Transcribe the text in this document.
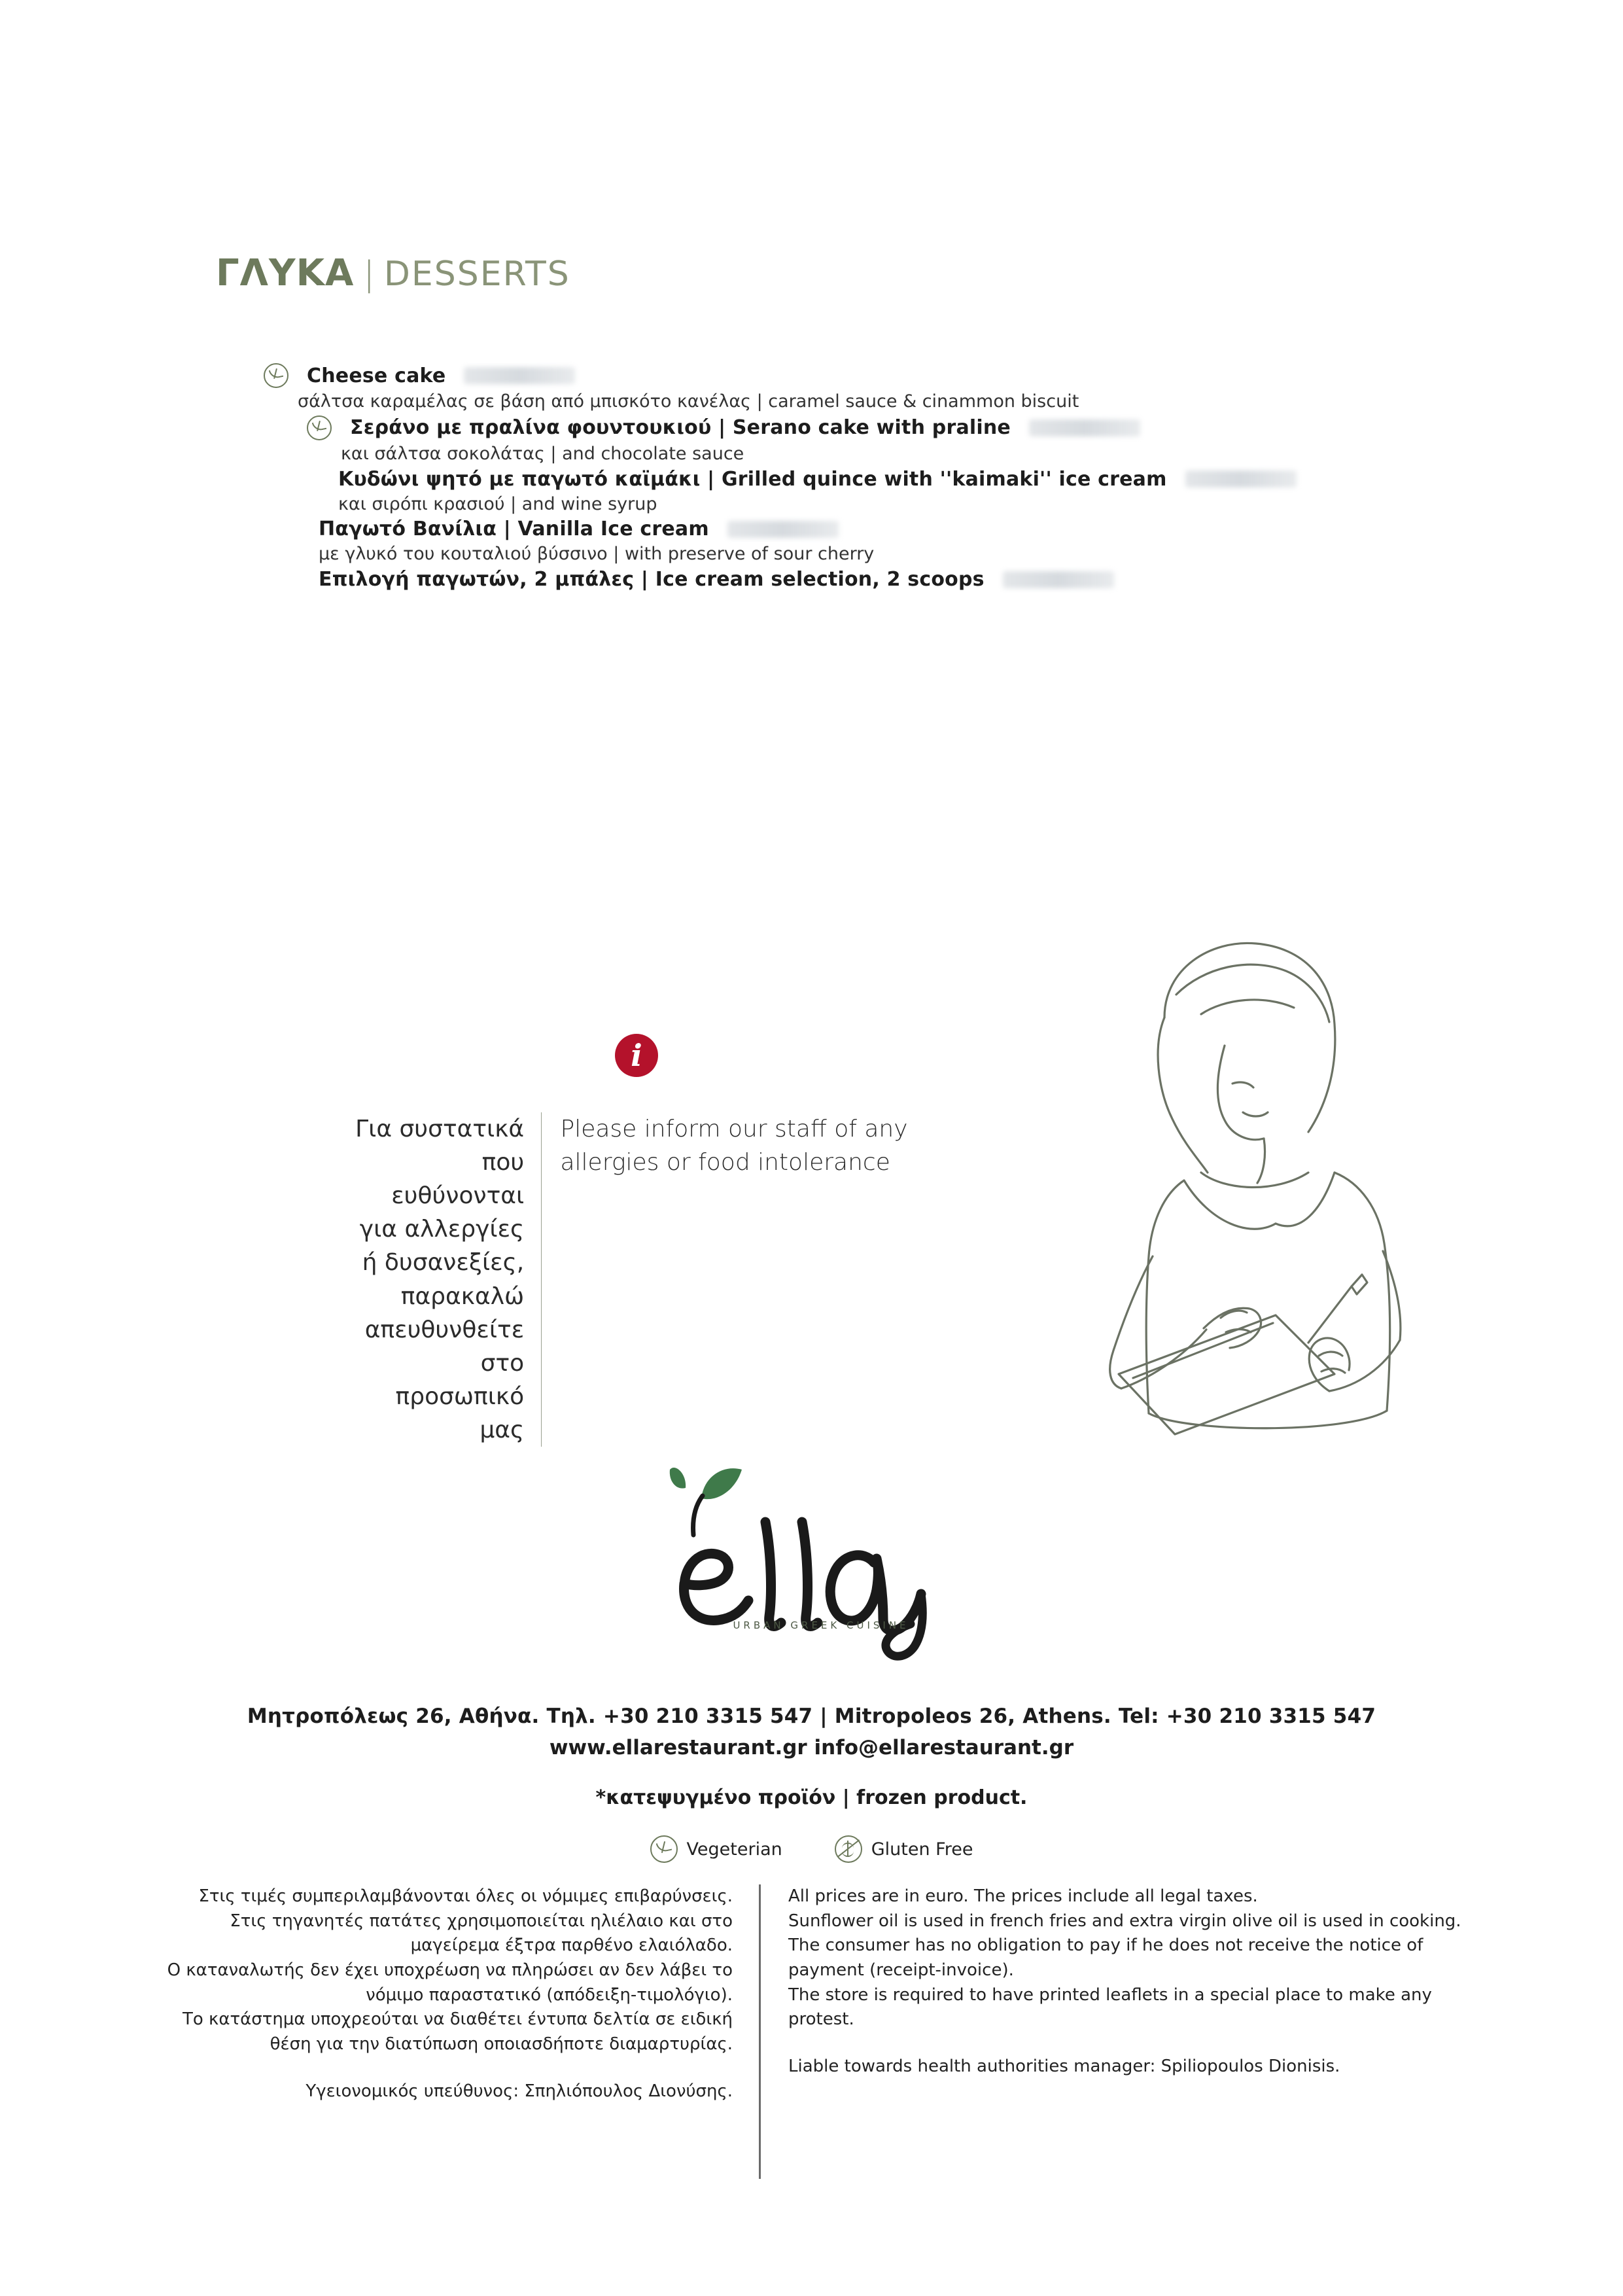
ΓΛΥΚΑ | DESSERTS
Cheese cake
σάλτσα καραμέλας σε βάση από μπισκότο κανέλας | caramel sauce & cinammon biscuit
Σεράνο με πραλίνα φουντουκιού | Serano cake with praline
και σάλτσα σοκολάτας | and chocolate sauce
Κυδώνι ψητό με παγωτό καϊμάκι | Grilled quince with ''kaimaki'' ice cream
και σιρόπι κρασιού | and wine syrup
Παγωτό Βανίλια | Vanilla Ice cream
με γλυκό του κουταλιού βύσσινο | with preserve of sour cherry
Επιλογή παγωτών, 2 μπάλες | Ice cream selection, 2 scoops
i
Για συστατικά που ευθύνονται για αλλεργίες ή δυσανεξίες, παρακαλώ απευθυνθείτε στο προσωπικό μας
Please inform our staff of any allergies or food intolerance
URBAN GREEK CUISINE
Μητροπόλεως 26, Αθήνα. Τηλ. +30 210 3315 547 | Mitropoleos 26, Athens. Tel: +30 210 3315 547
www.ellarestaurant.gr info@ellarestaurant.gr
*κατεψυγμένο προϊόν | frozen product.
Vegeterian	Gluten Free

Στις τιμές συμπεριλαμβάνονται όλες οι νόμιμες επιβαρύνσεις.
Στις τηγανητές πατάτες χρησιμοποιείται ηλιέλαιο και στο μαγείρεμα έξτρα παρθένο ελαιόλαδο.
Ο καταναλωτής δεν έχει υποχρέωση να πληρώσει αν δεν λάβει το νόμιμο παραστατικό (απόδειξη-τιμολόγιο).
Το κατάστημα υποχρεούται να διαθέτει έντυπα δελτία σε ειδική θέση για την διατύπωση οποιασδήποτε διαμαρτυρίας.

Υγειονομικός υπεύθυνος: Σπηλιόπουλος Διονύσης.

All prices are in euro. The prices include all legal taxes.
Sunflower oil is used in french fries and extra virgin olive oil is used in cooking.
The consumer has no obligation to pay if he does not receive the notice of payment (receipt-invoice).
The store is required to have printed leaflets in a special place to make any protest.

Liable towards health authorities manager: Spiliopoulos Dionisis.
